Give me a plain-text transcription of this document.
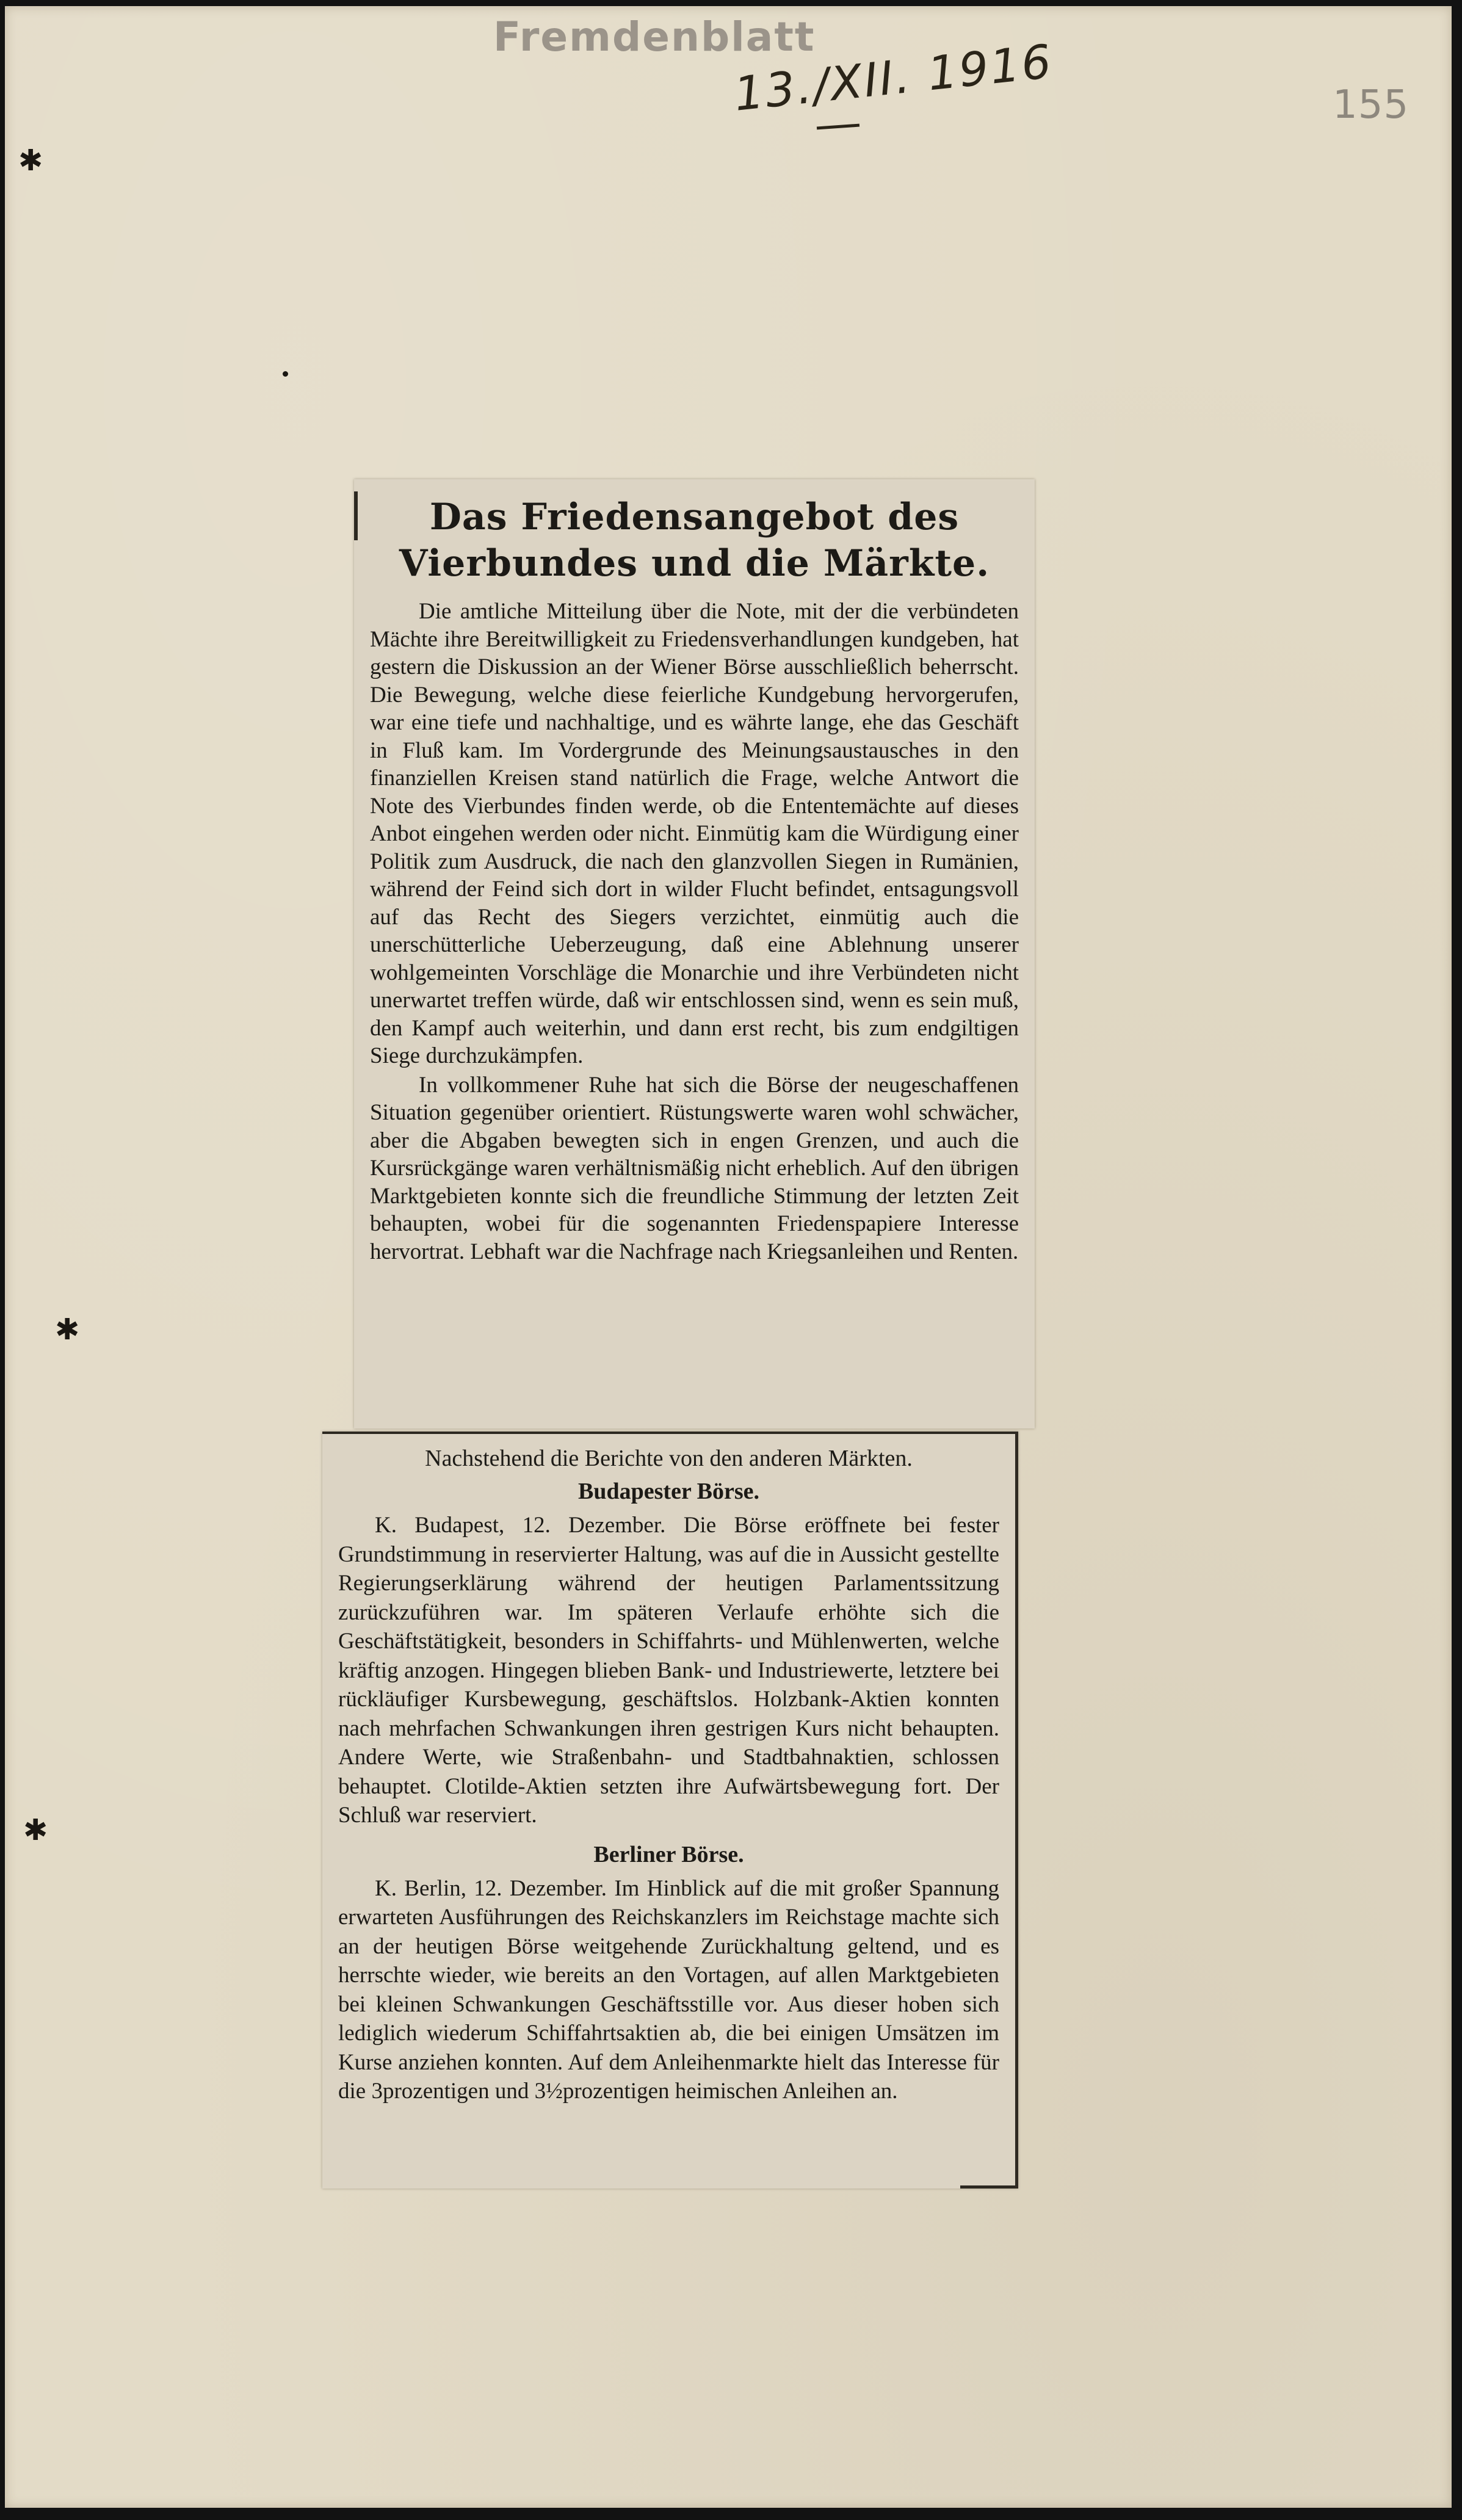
Fremdenblatt
13./XII. 1916	155
✱
✱
✱
Das Friedensangebot des Vierbundes und die Märkte.

Die amtliche Mitteilung über die Note, mit der die verbündeten Mächte ihre Bereitwilligkeit zu Friedensverhandlungen kundgeben, hat gestern die Diskussion an der Wiener Börse ausschließlich beherrscht. Die Bewegung, welche diese feierliche Kundgebung hervorgerufen, war eine tiefe und nachhaltige, und es währte lange, ehe das Geschäft in Fluß kam. Im Vordergrunde des Meinungsaustausches in den finanziellen Kreisen stand natürlich die Frage, welche Antwort die Note des Vierbundes finden werde, ob die Ententemächte auf dieses Anbot eingehen werden oder nicht. Einmütig kam die Würdigung einer Politik zum Ausdruck, die nach den glanzvollen Siegen in Rumänien, während der Feind sich dort in wilder Flucht befindet, entsagungsvoll auf das Recht des Siegers verzichtet, einmütig auch die unerschütterliche Ueberzeugung, daß eine Ablehnung unserer wohlgemeinten Vorschläge die Monarchie und ihre Verbündeten nicht unerwartet treffen würde, daß wir entschlossen sind, wenn es sein muß, den Kampf auch weiterhin, und dann erst recht, bis zum endgiltigen Siege durchzukämpfen.

In vollkommener Ruhe hat sich die Börse der neugeschaffenen Situation gegenüber orientiert. Rüstungswerte waren wohl schwächer, aber die Abgaben bewegten sich in engen Grenzen, und auch die Kursrückgänge waren verhältnismäßig nicht erheblich. Auf den übrigen Marktgebieten konnte sich die freundliche Stimmung der letzten Zeit behaupten, wobei für die sogenannten Friedenspapiere Interesse hervortrat. Lebhaft war die Nachfrage nach Kriegsanleihen und Renten.

Nachstehend die Berichte von den anderen Märkten.

Budapester Börse.

K. Budapest, 12. Dezember. Die Börse eröffnete bei fester Grundstimmung in reservierter Haltung, was auf die in Aussicht gestellte Regierungserklärung während der heutigen Parlamentssitzung zurückzuführen war. Im späteren Verlaufe erhöhte sich die Geschäftstätigkeit, besonders in Schiffahrts- und Mühlenwerten, welche kräftig anzogen. Hingegen blieben Bank- und Industriewerte, letztere bei rückläufiger Kursbewegung, geschäftslos. Holzbank-Aktien konnten nach mehrfachen Schwankungen ihren gestrigen Kurs nicht behaupten. Andere Werte, wie Straßenbahn- und Stadtbahnaktien, schlossen behauptet. Clotilde-Aktien setzten ihre Aufwärtsbewegung fort. Der Schluß war reserviert.

Berliner Börse.

K. Berlin, 12. Dezember. Im Hinblick auf die mit großer Spannung erwarteten Ausführungen des Reichskanzlers im Reichstage machte sich an der heutigen Börse weitgehende Zurückhaltung geltend, und es herrschte wieder, wie bereits an den Vortagen, auf allen Marktgebieten bei kleinen Schwankungen Geschäftsstille vor. Aus dieser hoben sich lediglich wiederum Schiffahrtsaktien ab, die bei einigen Umsätzen im Kurse anziehen konnten. Auf dem Anleihenmarkte hielt das Interesse für die 3prozentigen und 3½prozentigen heimischen Anleihen an.
